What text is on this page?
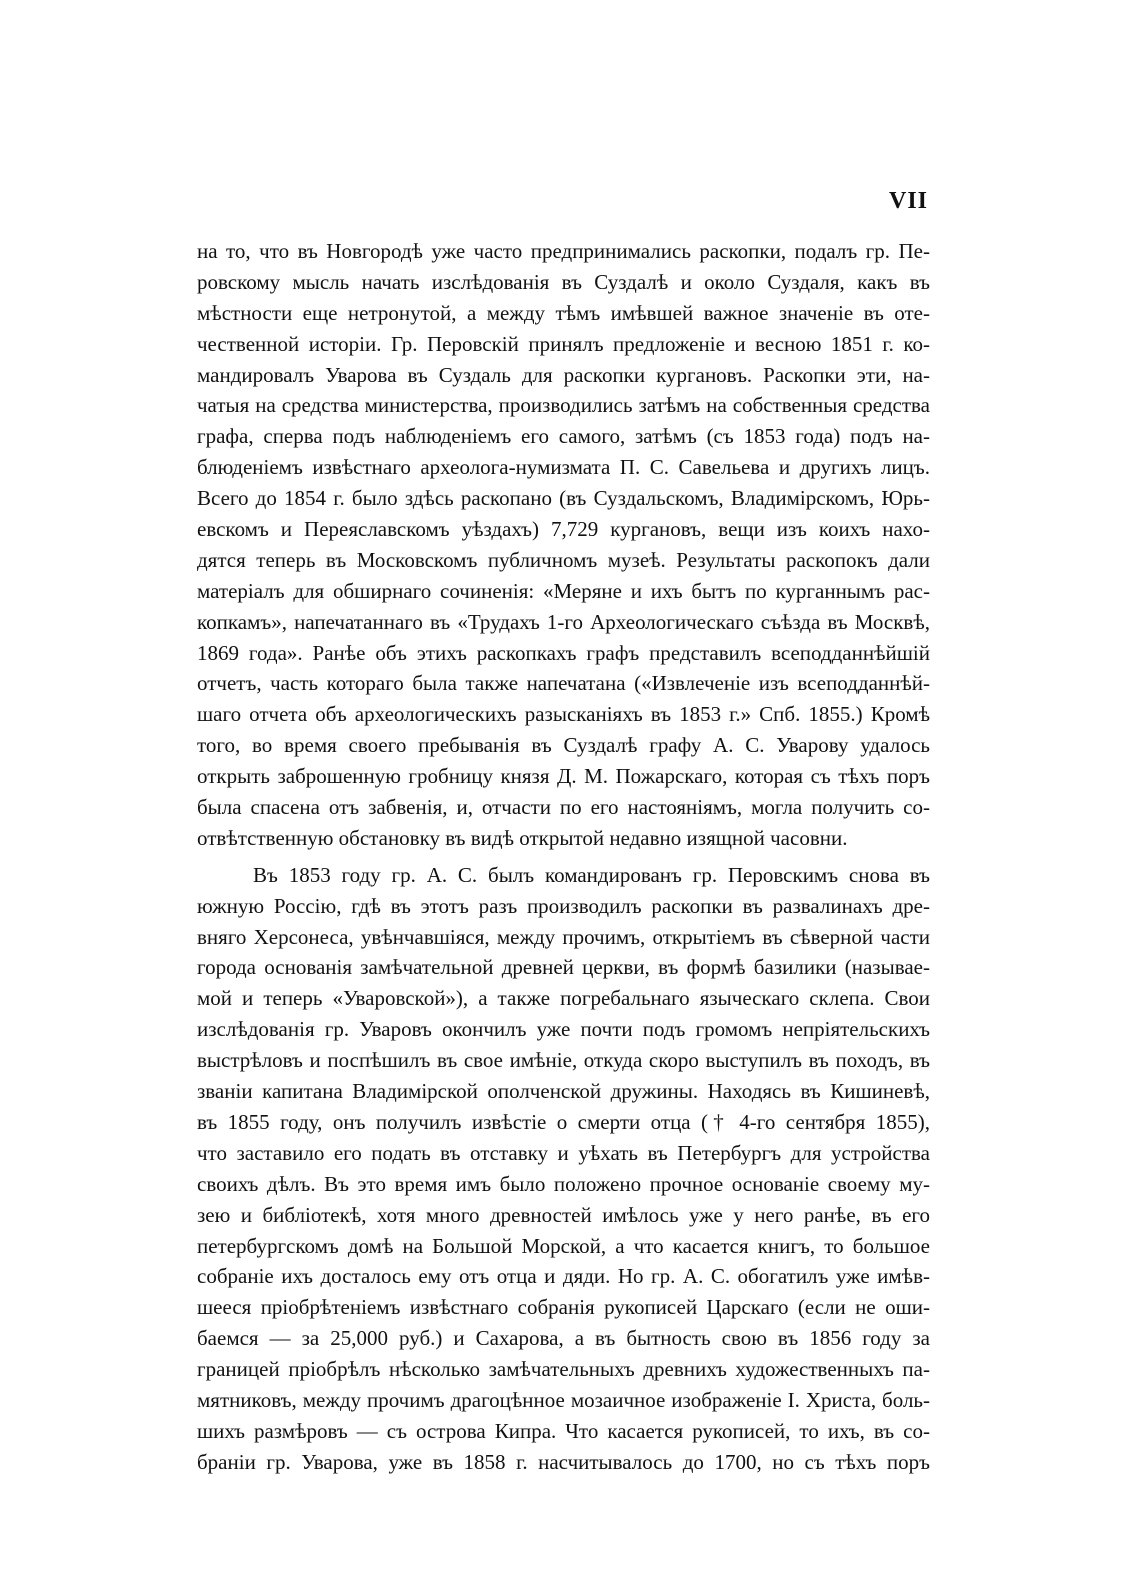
VII
на то, что въ Новгородѣ уже часто предпринимались раскопки, подалъ гр. Пе-
ровскому мысль начать изслѣдованія въ Суздалѣ и около Суздаля, какъ въ
мѣстности еще нетронутой, а между тѣмъ имѣвшей важное значеніе въ оте-
чественной исторіи. Гр. Перовскій принялъ предложеніе и весною 1851 г. ко-
мандировалъ Уварова въ Суздаль для раскопки кургановъ. Раскопки эти, на-
чатыя на средства министерства, производились затѣмъ на собственныя средства
графа, сперва подъ наблюденіемъ его самого, затѣмъ (съ 1853 года) подъ на-
блюденіемъ извѣстнаго археолога-нумизмата П. С. Савельева и другихъ лицъ.
Всего до 1854 г. было здѣсь раскопано (въ Суздальскомъ, Владимірскомъ, Юрь-
евскомъ и Переяславскомъ уѣздахъ) 7,729 кургановъ, вещи изъ коихъ нахо-
дятся теперь въ Московскомъ публичномъ музеѣ. Результаты раскопокъ дали
матеріалъ для обширнаго сочиненія: «Меряне и ихъ бытъ по курганнымъ рас-
копкамъ», напечатаннаго въ «Трудахъ 1-го Археологическаго съѣзда въ Москвѣ,
1869 года». Ранѣе объ этихъ раскопкахъ графъ представилъ всеподданнѣйшій
отчетъ, часть котораго была также напечатана («Извлеченіе изъ всеподданнѣй-
шаго отчета объ археологическихъ разысканіяхъ въ 1853 г.» Спб. 1855.) Кромѣ
того, во время своего пребыванія въ Суздалѣ графу А. С. Уварову удалось
открыть заброшенную гробницу князя Д. М. Пожарскаго, которая съ тѣхъ поръ
была спасена отъ забвенія, и, отчасти по его настояніямъ, могла получить со-
отвѣтственную обстановку въ видѣ открытой недавно изящной часовни.
Въ 1853 году гр. А. С. былъ командированъ гр. Перовскимъ снова въ
южную Россію, гдѣ въ этотъ разъ производилъ раскопки въ развалинахъ дре-
вняго Херсонеса, увѣнчавшіяся, между прочимъ, открытіемъ въ сѣверной части
города основанія замѣчательной древней церкви, въ формѣ базилики (называе-
мой и теперь «Уваровской»), а также погребальнаго языческаго склепа. Свои
изслѣдованія гр. Уваровъ окончилъ уже почти подъ громомъ непріятельскихъ
выстрѣловъ и поспѣшилъ въ свое имѣніе, откуда скоро выступилъ въ походъ, въ
званіи капитана Владимірской ополченской дружины. Находясь въ Кишиневѣ,
въ 1855 году, онъ получилъ извѣстіе о смерти отца († 4-го сентября 1855),
что заставило его подать въ отставку и уѣхать въ Петербургъ для устройства
своихъ дѣлъ. Въ это время имъ было положено прочное основаніе своему му-
зею и библіотекѣ, хотя много древностей имѣлось уже у него ранѣе, въ его
петербургскомъ домѣ на Большой Морской, а что касается книгъ, то большое
собраніе ихъ досталось ему отъ отца и дяди. Но гр. А. С. обогатилъ уже имѣв-
шееся пріобрѣтеніемъ извѣстнаго собранія рукописей Царскаго (если не оши-
баемся — за 25,000 руб.) и Сахарова, а въ бытность свою въ 1856 году за
границей пріобрѣлъ нѣсколько замѣчательныхъ древнихъ художественныхъ па-
мятниковъ, между прочимъ драгоцѣнное мозаичное изображеніе І. Христа, боль-
шихъ размѣровъ — съ острова Кипра. Что касается рукописей, то ихъ, въ со-
браніи гр. Уварова, уже въ 1858 г. насчитывалось до 1700, но съ тѣхъ поръ
